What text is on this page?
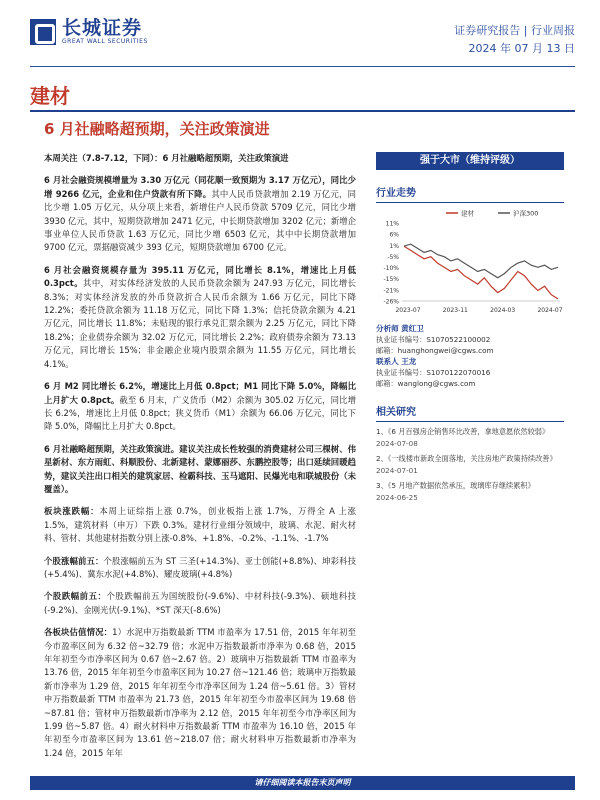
长城证券
GREAT WALL SECURITIES
证券研究报告 | 行业周报
2024 年 07 月 13 日
建材
6 月社融略超预期，关注政策演进

本周关注（7.8-7.12，下同）：6 月社融略超预期，关注政策演进

6 月社会融资规模增量为 3.30 万亿元（同花顺一致预期为 3.17 万亿元），同比少增 9266 亿元，企业和住户贷款有所下降。其中人民币贷款增加 2.19 万亿元，同比少增 1.05 万亿元，从分项上来看，新增住户人民币贷款 5709 亿元，同比少增 3930 亿元，其中，短期贷款增加 2471 亿元，中长期贷款增加 3202 亿元；新增企事业单位人民币贷款 1.63 万亿元，同比少增 6503 亿元，其中中长期贷款增加 9700 亿元，票据融资减少 393 亿元，短期贷款增加 6700 亿元。

6 月社会融资规模存量为 395.11 万亿元，同比增长 8.1%，增速比上月低 0.3pct。其中，对实体经济发放的人民币贷款余额为 247.93 万亿元，同比增长 8.3%；对实体经济发放的外币贷款折合人民币余额为 1.66 万亿元，同比下降 12.2%；委托贷款余额为 11.18 万亿元，同比下降 1.3%；信托贷款余额为 4.21 万亿元，同比增长 11.8%；未贴现的银行承兑汇票余额为 2.25 万亿元，同比下降 18.2%；企业债券余额为 32.02 万亿元，同比增长 2.2%；政府债券余额为 73.13 万亿元，同比增长 15%；非金融企业境内股票余额为 11.55 万亿元，同比增长 4.1%。

6 月 M2 同比增长 6.2%，增速比上月低 0.8pct；M1 同比下降 5.0%，降幅比上月扩大 0.8pct。截至 6 月末，广义货币（M2）余额为 305.02 万亿元，同比增长 6.2%，增速比上月低 0.8pct；狭义货币（M1）余额为 66.06 万亿元，同比下降 5.0%，降幅比上月扩大 0.8pct。

6 月社融略超预期，关注政策演进。建议关注成长性较强的消费建材公司三棵树、伟星新材、东方雨虹、科顺股份、北新建材、蒙娜丽莎、东鹏控股等；出口延续回暖趋势，建议关注出口相关的建筑家居、检霸科技、玉马遮阳、民爆光电和联城股份（未覆盖）。

板块涨跌幅：本周上证综指上涨 0.7%，创业板指上涨 1.7%，万得全 A 上涨 1.5%，建筑材料（申万）下跌 0.3%。建材行业细分领域中，玻璃、水泥、耐火材料、管材、其他建材指数分别上涨-0.8%、+1.8%、-0.2%、-1.1%、-1.7%

个股涨幅前五：个股涨幅前五为 ST 三圣(+14.3%)、亚士创能(+8.8%)、坤彩科技(+5.4%)、冀东水泥(+4.8%)、耀皮玻璃(+4.8%)

个股跌幅前五：个股跌幅前五为国统股份(-9.6%)、中材科技(-9.3%)、硕地科技(-9.2%)、金刚光伏(-9.1%)、*ST 深天(-8.6%)

各板块估值情况：1）水泥申万指数最新 TTM 市盈率为 17.51 倍，2015 年年初至今市盈率区间为 6.32 倍~32.79 倍；水泥申万指数最新市净率为 0.68 倍，2015 年年初至今市净率区间为 0.67 倍~2.67 倍。2）玻璃申万指数最新 TTM 市盈率为 13.76 倍，2015 年年初至今市盈率区间为 10.27 倍~121.46 倍；玻璃申万指数最新市净率为 1.29 倍，2015 年年初至今市净率区间为 1.24 倍~5.61 倍。3）管材申万指数最新 TTM 市盈率为 21.73 倍，2015 年年初至今市盈率区间为 19.68 倍~87.81 倍；管材申万指数最新市净率为 2.12 倍，2015 年年初至今市净率区间为 1.99 倍~5.87 倍。4）耐火材料申万指数最新 TTM 市盈率为 16.10 倍，2015 年年初至今市盈率区间为 13.61 倍~218.07 倍；耐火材料申万指数最新市净率为 1.24 倍，2015 年年

强于大市（维持评级）
行业走势
11%
6%
1%
-5%
-10%
-15%
-21%
-26%
2023-07	2023-11	2024-03	2024-07
建材	沪深300
分析师 黄红卫
执业证书编号：S1070522100002
邮箱：huanghongwei@cgws.com
联系人 王龙
执业证书编号：S1070122070016
邮箱：wanglong@cgws.com
相关研究
1、《6 月百强房企销售环比改善，拿地意愿依然较弱》
2024-07-08
2、《一线楼市新政全面落地，关注房地产政策持续改善》
2024-07-01
3、《5 月地产数据依然承压，玻璃库存继续累积》
2024-06-25
请仔细阅读本报告末页声明
